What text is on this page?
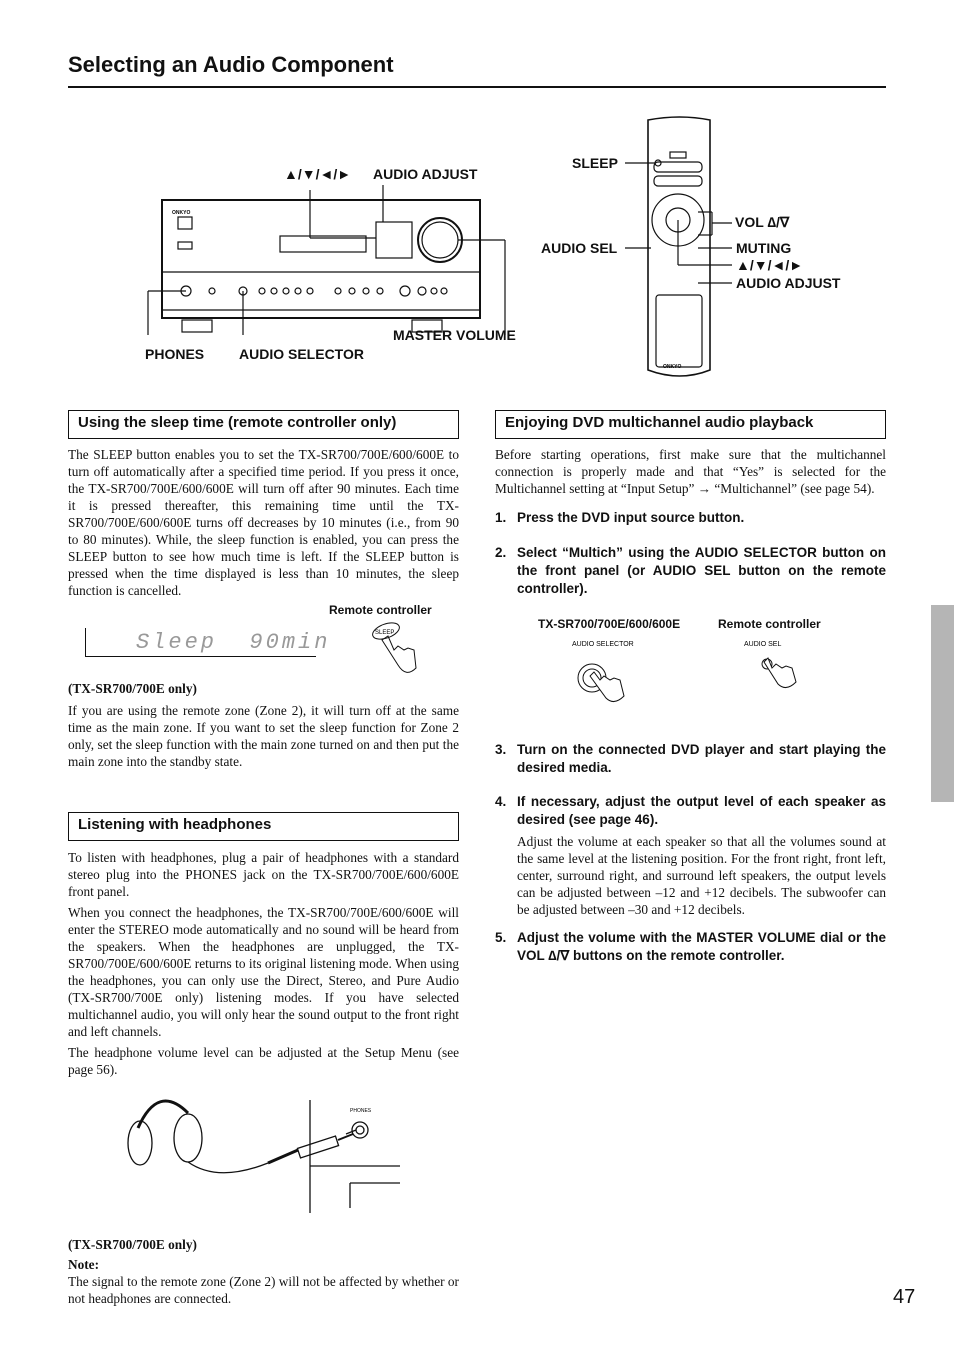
Selecting an Audio Component
ONKYO
ONKYO
▲/▼/◄/► AUDIO ADJUST
MASTER VOLUME
PHONES AUDIO SELECTOR
SLEEP
AUDIO SEL
VOL ∆/∇
MUTING
▲/▼/◄/►
AUDIO ADJUST
Using the sleep time (remote controller only)
The SLEEP button enables you to set the TX-SR700/700E/600/600E to turn off automatically after a specified time period. If you press it once, the TX-SR700/700E/600/600E will turn off after 90 minutes. Each time it is pressed thereafter, this remaining time until the TX-SR700/700E/600/600E turns off decreases by 10 minutes (i.e., from 90 to 80 minutes). While, the sleep function is enabled, you can press the SLEEP button to see how much time is left. If the SLEEP button is pressed when the time displayed is less than 10 minutes, the sleep function is cancelled.
Remote controller
Sleep  90min	SLEEP
(TX-SR700/700E only)
If you are using the remote zone (Zone 2), it will turn off at the same time as the main zone. If you want to set the sleep function for Zone 2 only, set the sleep function with the main zone turned on and then put the main zone into the standby state.
Listening with headphones

To listen with headphones, plug a pair of headphones with a standard stereo plug into the PHONES jack on the TX-SR700/700E/600/600E front panel.

When you connect the headphones, the TX-SR700/700E/600/600E will enter the STEREO mode automatically and no sound will be heard from the speakers. When the headphones are unplugged, the TX-SR700/700E/600/600E returns to its original listening mode. When using the headphones, you can only use the Direct, Stereo, and Pure Audio (TX-SR700/700E only) listening modes. If you have selected multichannel audio, you will only hear the sound output to the front right and left channels.

The headphone volume level can be adjusted at the Setup Menu (see page 56).

PHONES
(TX-SR700/700E only)
Note:
The signal to the remote zone (Zone 2) will not be affected by whether or not headphones are connected.
Enjoying DVD multichannel audio playback
Before starting operations, first make sure that the multichannel connection is properly made and that “Yes” is selected for the Multichannel setting at “Input Setup” → “Multichannel” (see page 54).
1. Press the DVD input source button.
2. Select “Multich” using the AUDIO SELECTOR button on the front panel (or AUDIO SEL button on the remote controller).
TX-SR700/700E/600/600E	Remote controller
AUDIO SELECTOR	AUDIO SEL
3. Turn on the connected DVD player and start playing the desired media.
4. If necessary, adjust the output level of each speaker as desired (see page 46).
Adjust the volume at each speaker so that all the volumes sound at the same level at the listening position. For the front right, front left, center, surround right, and surround left speakers, the output levels can be adjusted between –12 and +12 decibels. The subwoofer can be adjusted between –30 and +12 decibels.
5. Adjust the volume with the MASTER VOLUME dial or the VOL ∆/∇ buttons on the remote controller.
47
